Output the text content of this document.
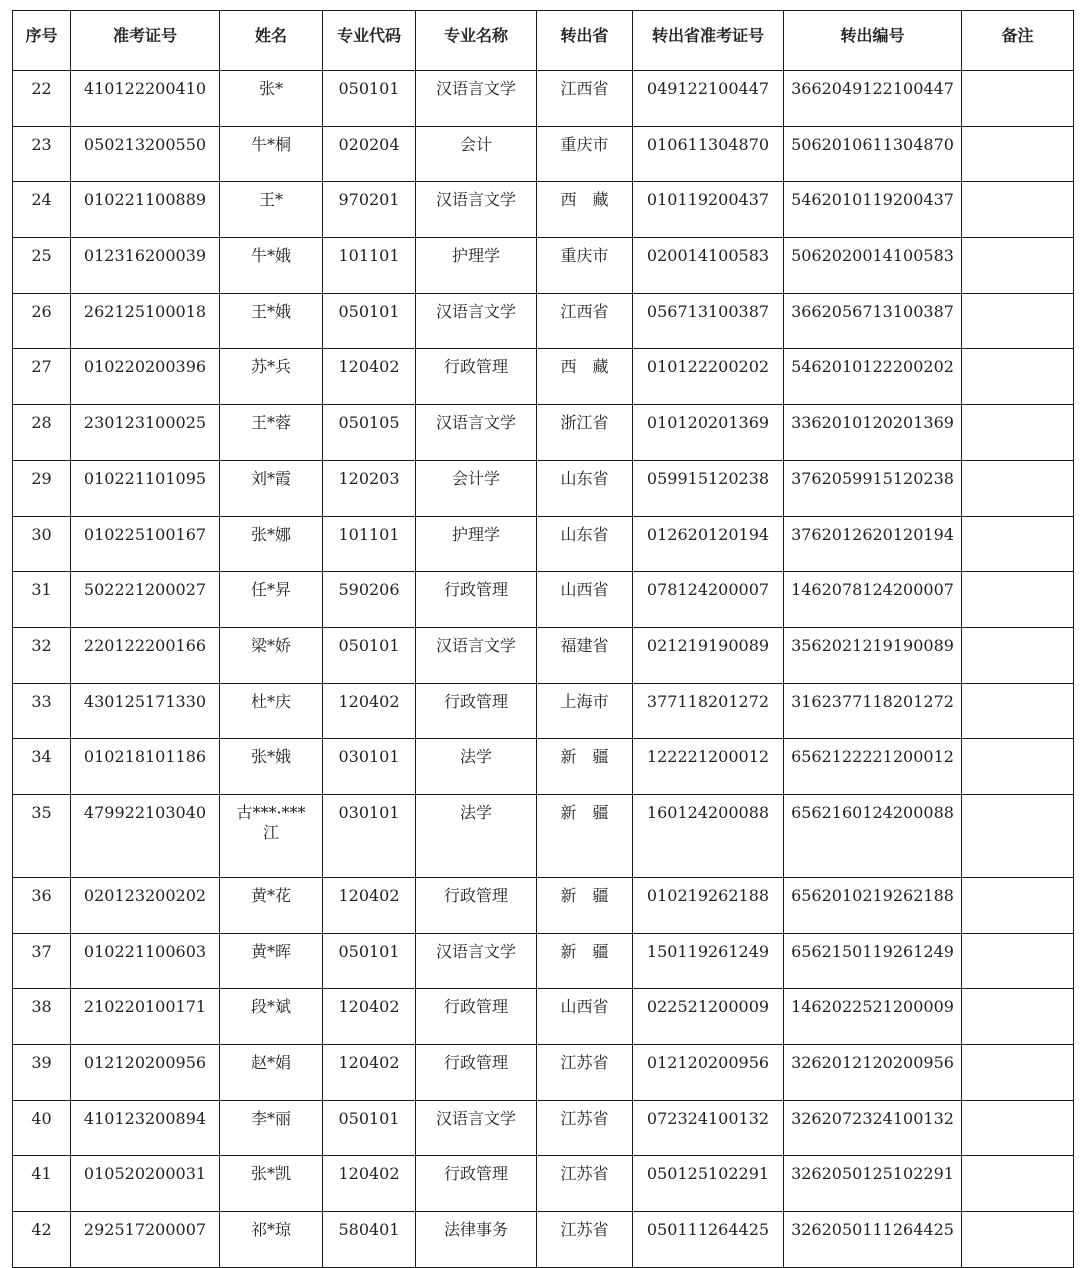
序号	准考证号	姓名	专业代码	专业名称	转出省	转出省准考证号	转出编号	备注
22	410122200410	张*	050101	汉语言文学	江西省	049122100447	3662049122100447	
23	050213200550	牛*桐	020204	会计	重庆市	010611304870	5062010611304870	
24	010221100889	王*	970201	汉语言文学	西　藏	010119200437	5462010119200437	
25	012316200039	牛*娥	101101	护理学	重庆市	020014100583	5062020014100583	
26	262125100018	王*娥	050101	汉语言文学	江西省	056713100387	3662056713100387	
27	010220200396	苏*兵	120402	行政管理	西　藏	010122200202	5462010122200202	
28	230123100025	王*蓉	050105	汉语言文学	浙江省	010120201369	3362010120201369	
29	010221101095	刘*霞	120203	会计学	山东省	059915120238	3762059915120238	
30	010225100167	张*娜	101101	护理学	山东省	012620120194	3762012620120194	
31	502221200027	任*昇	590206	行政管理	山西省	078124200007	1462078124200007	
32	220122200166	梁*娇	050101	汉语言文学	福建省	021219190089	3562021219190089	
33	430125171330	杜*庆	120402	行政管理	上海市	377118201272	3162377118201272	
34	010218101186	张*娥	030101	法学	新　疆	122221200012	6562122221200012	
35	479922103040	古***·***江	030101	法学	新　疆	160124200088	6562160124200088	
36	020123200202	黄*花	120402	行政管理	新　疆	010219262188	6562010219262188	
37	010221100603	黄*晖	050101	汉语言文学	新　疆	150119261249	6562150119261249	
38	210220100171	段*斌	120402	行政管理	山西省	022521200009	1462022521200009	
39	012120200956	赵*娟	120402	行政管理	江苏省	012120200956	3262012120200956	
40	410123200894	李*丽	050101	汉语言文学	江苏省	072324100132	3262072324100132	
41	010520200031	张*凯	120402	行政管理	江苏省	050125102291	3262050125102291	
42	292517200007	祁*琼	580401	法律事务	江苏省	050111264425	3262050111264425	
